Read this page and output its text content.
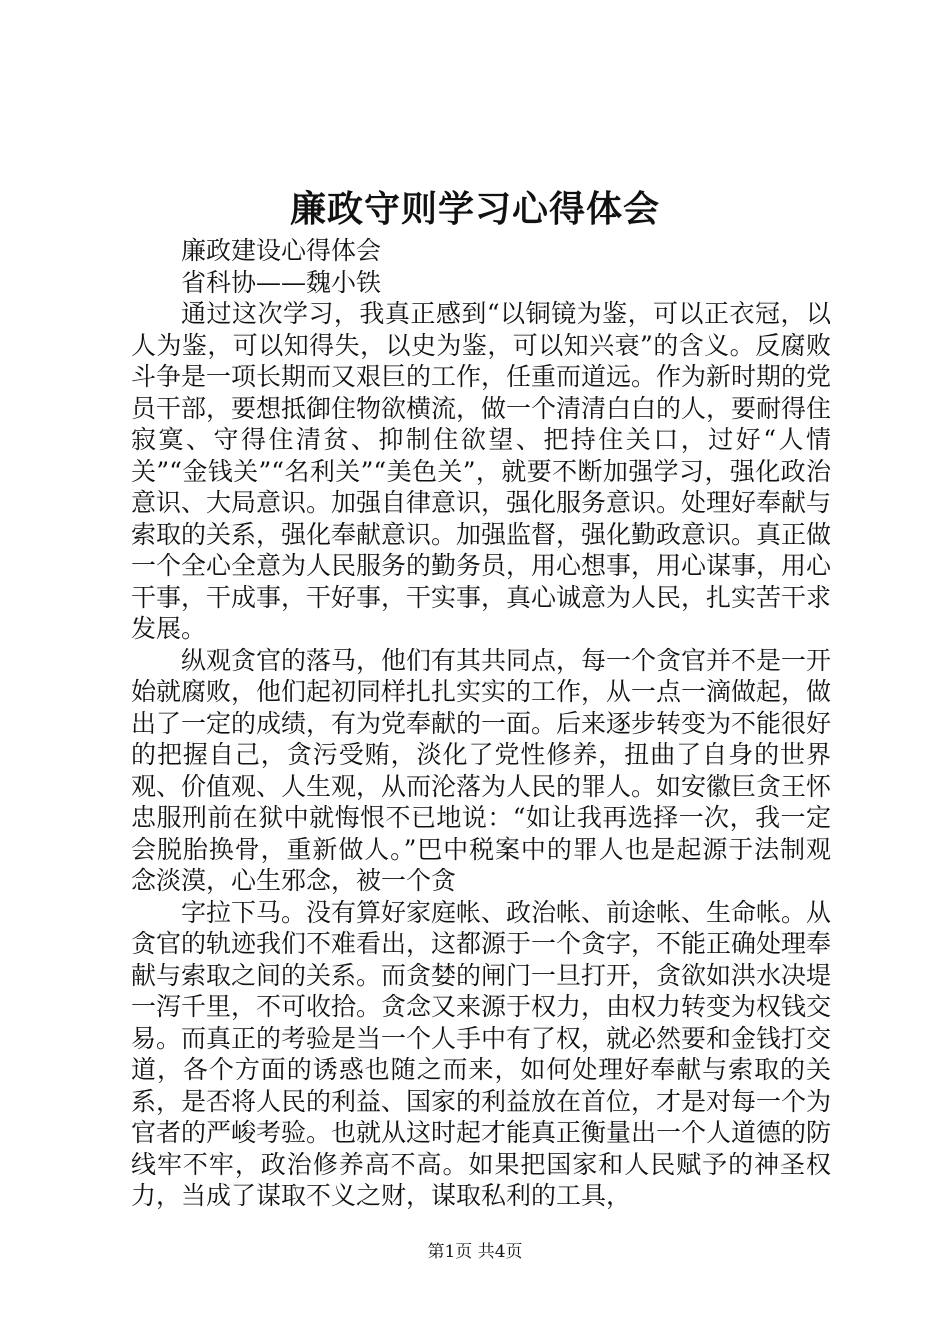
廉政守则学习心得体会

廉政建设心得体会

省科协——魏小铁

通过这次学习，我真正感到“以铜镜为鉴，可以正衣冠，以人为鉴，可以知得失，以史为鉴，可以知兴衰”的含义。反腐败斗争是一项长期而又艰巨的工作，任重而道远。作为新时期的党员干部，要想抵御住物欲横流，做一个清清白白的人，要耐得住寂寞、守得住清贫、抑制住欲望、把持住关口，过好“人情关”“金钱关”“名利关”“美色关”，就要不断加强学习，强化政治意识、大局意识。加强自律意识，强化服务意识。处理好奉献与索取的关系，强化奉献意识。加强监督，强化勤政意识。真正做一个全心全意为人民服务的勤务员，用心想事，用心谋事，用心干事，干成事，干好事，干实事，真心诚意为人民，扎实苦干求发展。

纵观贪官的落马，他们有其共同点，每一个贪官并不是一开始就腐败，他们起初同样扎扎实实的工作，从一点一滴做起，做出了一定的成绩，有为党奉献的一面。后来逐步转变为不能很好的把握自己，贪污受贿，淡化了党性修养，扭曲了自身的世界观、价值观、人生观，从而沦落为人民的罪人。如安徽巨贪王怀忠服刑前在狱中就悔恨不已地说：“如让我再选择一次，我一定会脱胎换骨，重新做人。”巴中税案中的罪人也是起源于法制观念淡漠，心生邪念，被一个贪

字拉下马。没有算好家庭帐、政治帐、前途帐、生命帐。从贪官的轨迹我们不难看出，这都源于一个贪字，不能正确处理奉献与索取之间的关系。而贪婪的闸门一旦打开，贪欲如洪水决堤一泻千里，不可收拾。贪念又来源于权力，由权力转变为权钱交易。而真正的考验是当一个人手中有了权，就必然要和金钱打交道，各个方面的诱惑也随之而来，如何处理好奉献与索取的关系，是否将人民的利益、国家的利益放在首位，才是对每一个为官者的严峻考验。也就从这时起才能真正衡量出一个人道德的防线牢不牢，政治修养高不高。如果把国家和人民赋予的神圣权力，当成了谋取不义之财，谋取私利的工具，

第1页 共4页
